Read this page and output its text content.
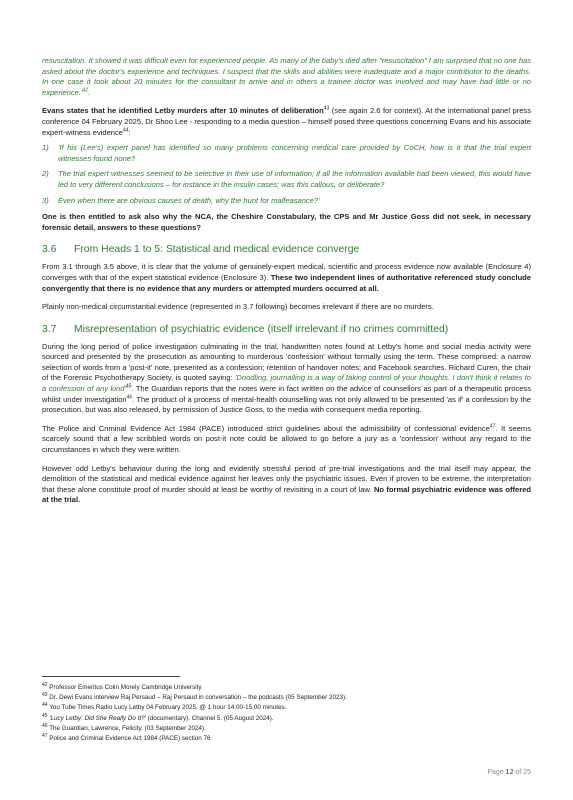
resuscitation. It showed it was difficult even for experienced people. As many of the baby's died after "resuscitation" I am surprised that no one has asked about the doctor's experience and techniques. I suspect that the skills and abilities were inadequate and a major contributor to the deaths. In one case it took about 20 minutes for the consultant to arrive and in others a trainee doctor was involved and may have had little or no $experience.'^{42}$.

Evans states that he identified Letby murders after 10 minutes of deliberation$^{43}$ (see again 2.6 for context). At the international panel press conference 04 February 2025, Dr Shoo Lee - responding to a media question – himself posed three questions concerning Evans and his associate expert-witness evidence$^{44}$:

1)	'If his (Lee's) expert panel has identified so many problems concerning medical care provided by CoCH, how is it that the trial expert witnesses found none?
2)	The trial expert witnesses seemed to be selective in their use of information; if all the information available had been viewed, this would have led to very different conclusions – for instance in the insulin cases; was this callous, or deliberate?
3)	Even when there are obvious causes of death, why the hunt for malfeasance?'

One is then entitled to ask also why the NCA, the Cheshire Constabulary, the CPS and Mr Justice Goss did not seek, in necessary forensic detail, answers to these questions?

3.6	From Heads 1 to 5: Statistical and medical evidence converge

From 3.1 through 3.5 above, it is clear that the volume of genuinely-expert medical, scientific and process evidence now available (Enclosure 4) converges with that of the expert statistical evidence (Enclosure 3). These two independent lines of authoritative referenced study conclude convergently that there is no evidence that any murders or attempted murders occurred at all.

Plainly non-medical circumstantial evidence (represented in 3.7 following) becomes irrelevant if there are no murders.

3.7	Misrepresentation of psychiatric evidence (itself irrelevant if no crimes committed)

During the long period of police investigation culminating in the trial, handwritten notes found at Letby's home and social media activity were sourced and presented by the prosecution as amounting to murderous 'confession' without formally using the term. These comprised: a narrow selection of words from a 'post-it' note, presented as a confession; retention of handover notes; and Facebook searches. Richard Curen, the chair of the Forensic Psychotherapy Society, is quoted saying: 'Doodling, journalling is a way of taking control of your thoughts. I don't think it relates to a confession of any $kind'^{45}$. The Guardian reports that the notes were in fact written on the advice of counsellors as part of a therapeutic process whilst under investigation$^{46}$. The product of a process of mental-health counselling was not only allowed to be presented 'as if' a confession by the prosecution, but was also released, by permission of Justice Goss, to the media with consequent media reporting.

The Police and Criminal Evidence Act 1984 (PACE) introduced strict guidelines about the admissibility of confessional evidence$^{47}$. It seems scarcely sound that a few scribbled words on post-it note could be allowed to go before a jury as a 'confession' without any regard to the circumstances in which they were written.

However odd Letby's behaviour during the long and evidently stressful period of pre-trial investigations and the trial itself may appear, the demolition of the statistical and medical evidence against her leaves only the psychiatric issues. Even if proven to be extreme, the interpretation that these alone constitute proof of murder should at least be worthy of revisiting in a court of law. No formal psychiatric evidence was offered at the trial.

$^{42}$ Professor Emeritus Colin Morely Cambridge University
$^{43}$ Dr. Dewi Evans interview Raj Persaud – Raj Persaud in conversation – the podcasts (05 September 2023).
$^{44}$ You Tube Times Radio Lucy Letby 04 February 2025, @ 1 hour 14.00-15.00 minutes.
$^{45}$ 'Lucy Letby: Did She Really Do It?' (documentary). Channel 5. (05 August 2024).
$^{46}$ The Guardian, Lawrence, Felicity. (03 September 2024).
$^{47}$ Police and Criminal Evidence Act 1984 (PACE) section 76
Page 12 of 25
